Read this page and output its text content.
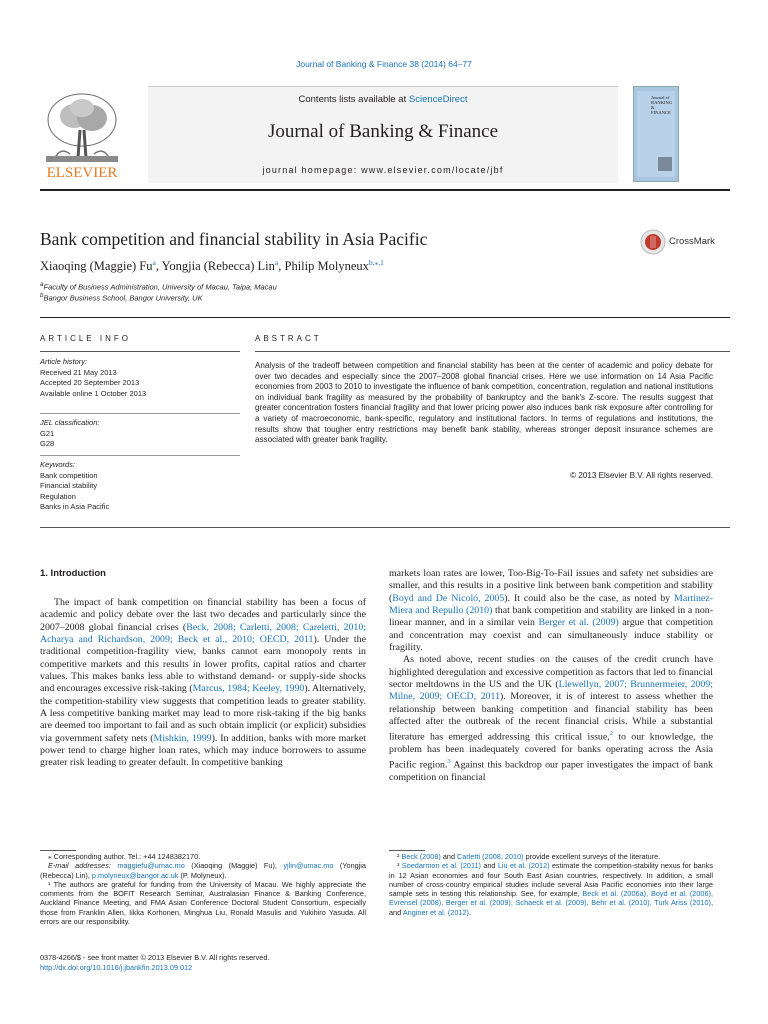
Journal of Banking & Finance 38 (2014) 64–77
ELSEVIER
Contents lists available at ScienceDirect
Journal of Banking & Finance
journal homepage: www.elsevier.com/locate/jbf
Journal of BANKING & FINANCE
Bank competition and financial stability in Asia Pacific	CrossMark
Xiaoqing (Maggie) Fu$^a$, Yongjia (Rebecca) Lin$^a$, Philip Molyneux$^{b,⁎,1}$
$^a$Faculty of Business Administration, University of Macau, Taipa, Macau
$^b$Bangor Business School, Bangor University, UK
ARTICLE INFO
Article history:
Received 21 May 2013
Accepted 20 September 2013
Available online 1 October 2013
JEL classification:
G21
G28
Keywords:
Bank competition
Financial stability
Regulation
Banks in Asia Pacific
ABSTRACT
Analysis of the tradeoff between competition and financial stability has been at the center of academic and policy debate for over two decades and especially since the 2007–2008 global financial crises. Here we use information on 14 Asia Pacific economies from 2003 to 2010 to investigate the influence of bank competition, concentration, regulation and national institutions on individual bank fragility as measured by the probability of bankruptcy and the bank's Z-score. The results suggest that greater concentration fosters financial fragility and that lower pricing power also induces bank risk exposure after controlling for a variety of macroeconomic, bank-specific, regulatory and institutional factors. In terms of regulations and institutions, the results show that tougher entry restrictions may benefit bank stability, whereas stronger deposit insurance schemes are associated with greater bank fragility.
© 2013 Elsevier B.V. All rights reserved.
1. Introduction

The impact of bank competition on financial stability has been a focus of academic and policy debate over the last two decades and particularly since the 2007–2008 global financial crises (Beck, 2008; Carletti, 2008; Careletti, 2010; Acharya and Richardson, 2009; Beck et al., 2010; OECD, 2011). Under the traditional competition-fragility view, banks cannot earn monopoly rents in competitive markets and this results in lower profits, capital ratios and charter values. This makes banks less able to withstand demand- or supply-side shocks and encourages excessive risk-taking (Marcus, 1984; Keeley, 1990). Alternatively, the competition-stability view suggests that competition leads to greater stability. A less competitive banking market may lead to more risk-taking if the big banks are deemed too important to fail and as such obtain implicit (or explicit) subsidies via government safety nets (Mishkin, 1999). In addition, banks with more market power tend to charge higher loan rates, which may induce borrowers to assume greater risk leading to greater default. In competitive banking

markets loan rates are lower, Too-Big-To-Fail issues and safety net subsidies are smaller, and this results in a positive link between bank competition and stability (Boyd and De Nicoló, 2005). It could also be the case, as noted by Martinez-Miera and Repullo (2010) that bank competition and stability are linked in a non-linear manner, and in a similar vein Berger et al. (2009) argue that competition and concentration may coexist and can simultaneously induce stability or fragility.

As noted above, recent studies on the causes of the credit crunch have highlighted deregulation and excessive competition as factors that led to financial sector meltdowns in the US and the UK (Llewellyn, 2007; Brunnermeier, 2009; Milne, 2009; OECD, 2011). Moreover, it is of interest to assess whether the relationship between banking competition and financial stability has been affected after the outbreak of the recent financial crisis. While a substantial literature has emerged addressing this critical issue,$^2$ to our knowledge, the problem has been inadequately covered for banks operating across the Asia Pacific region.$^3$ Against this backdrop our paper investigates the impact of bank competition on financial

⁎ Corresponding author. Tel.: +44 1248382170.

E-mail addresses: maggiefu@umac.mo (Xiaoqing (Maggie) Fu), yjlin@umac.mo (Yongjia (Rebecca) Lin), p.molyneux@bangor.ac.uk (P. Molyneux).

¹ The authors are grateful for funding from the University of Macau. We highly appreciate the comments from the BOFIT Research Seminar, Australasian Finance & Banking Conference, Auckland Finance Meeting, and FMA Asian Conference Doctoral Student Consortium, especially those from Franklin Allen, Iikka Korhonen, Minghua Liu, Ronald Masulis and Yukihiro Yasuda. All errors are our responsibility.

² Beck (2008) and Carletti (2008, 2010) provide excellent surveys of the literature.

³ Soedarmon et al. (2011) and Liu et al. (2012) estimate the competition-stability nexus for banks in 12 Asian economies and four South East Asian countries, respectively. In addition, a small number of cross-country empirical studies include several Asia Pacific economies into their large sample sets in testing this relationship. See, for example, Beck et al. (2006a), Boyd et al. (2006), Evrensel (2008), Berger et al. (2009), Schaeck et al. (2009), Behr et al. (2010), Turk Ariss (2010), and Anginer et al. (2012).

0378-4266/$ - see front matter © 2013 Elsevier B.V. All rights reserved.
http://dx.doi.org/10.1016/j.jbankfin.2013.09.012
